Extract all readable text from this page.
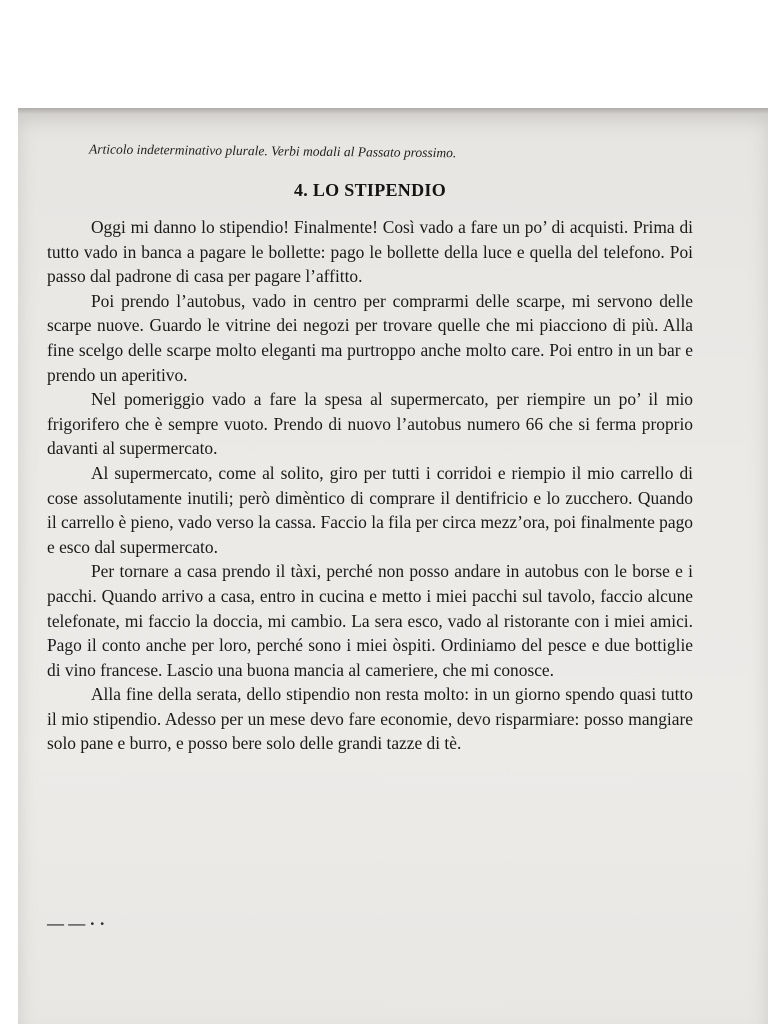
Articolo indeterminativo plurale. Verbi modali al Passato prossimo.

4. LO STIPENDIO

Oggi mi danno lo stipendio! Finalmente! Così vado a fare un po’ di acquisti. Prima di tutto vado in banca a pagare le bollette: pago le bollette della luce e quella del telefono. Poi passo dal padrone di casa per pagare l’affitto.

Poi prendo l’autobus, vado in centro per comprarmi delle scarpe, mi servono delle scarpe nuove. Guardo le vitrine dei negozi per trovare quelle che mi piacciono di più. Alla fine scelgo delle scarpe molto eleganti ma purtroppo anche molto care. Poi entro in un bar e prendo un aperitivo.

Nel pomeriggio vado a fare la spesa al supermercato, per riempire un po’ il mio frigorifero che è sempre vuoto. Prendo di nuovo l’autobus numero 66 che si ferma proprio davanti al supermercato.

Al supermercato, come al solito, giro per tutti i corridoi e riempio il mio carrello di cose assolutamente inutili; però dimèntico di comprare il dentifricio e lo zucchero. Quando il carrello è pieno, vado verso la cassa. Faccio la fila per circa mezz’ora, poi finalmente pago e esco dal supermercato.

Per tornare a casa prendo il tàxi, perché non posso andare in autobus con le borse e i pacchi. Quando arrivo a casa, entro in cucina e metto i miei pacchi sul tavolo, faccio alcune telefonate, mi faccio la doccia, mi cambio. La sera esco, vado al ristorante con i miei amici. Pago il conto anche per loro, perché sono i miei òspiti. Ordiniamo del pesce e due bottiglie di vino francese. Lascio una buona mancia al cameriere, che mi conosce.

Alla fine della serata, dello stipendio non resta molto: in un giorno spendo quasi tutto il mio stipendio. Adesso per un mese devo fare economie, devo risparmiare: posso mangiare solo pane e burro, e posso bere solo delle grandi tazze di tè.

— — · ·
